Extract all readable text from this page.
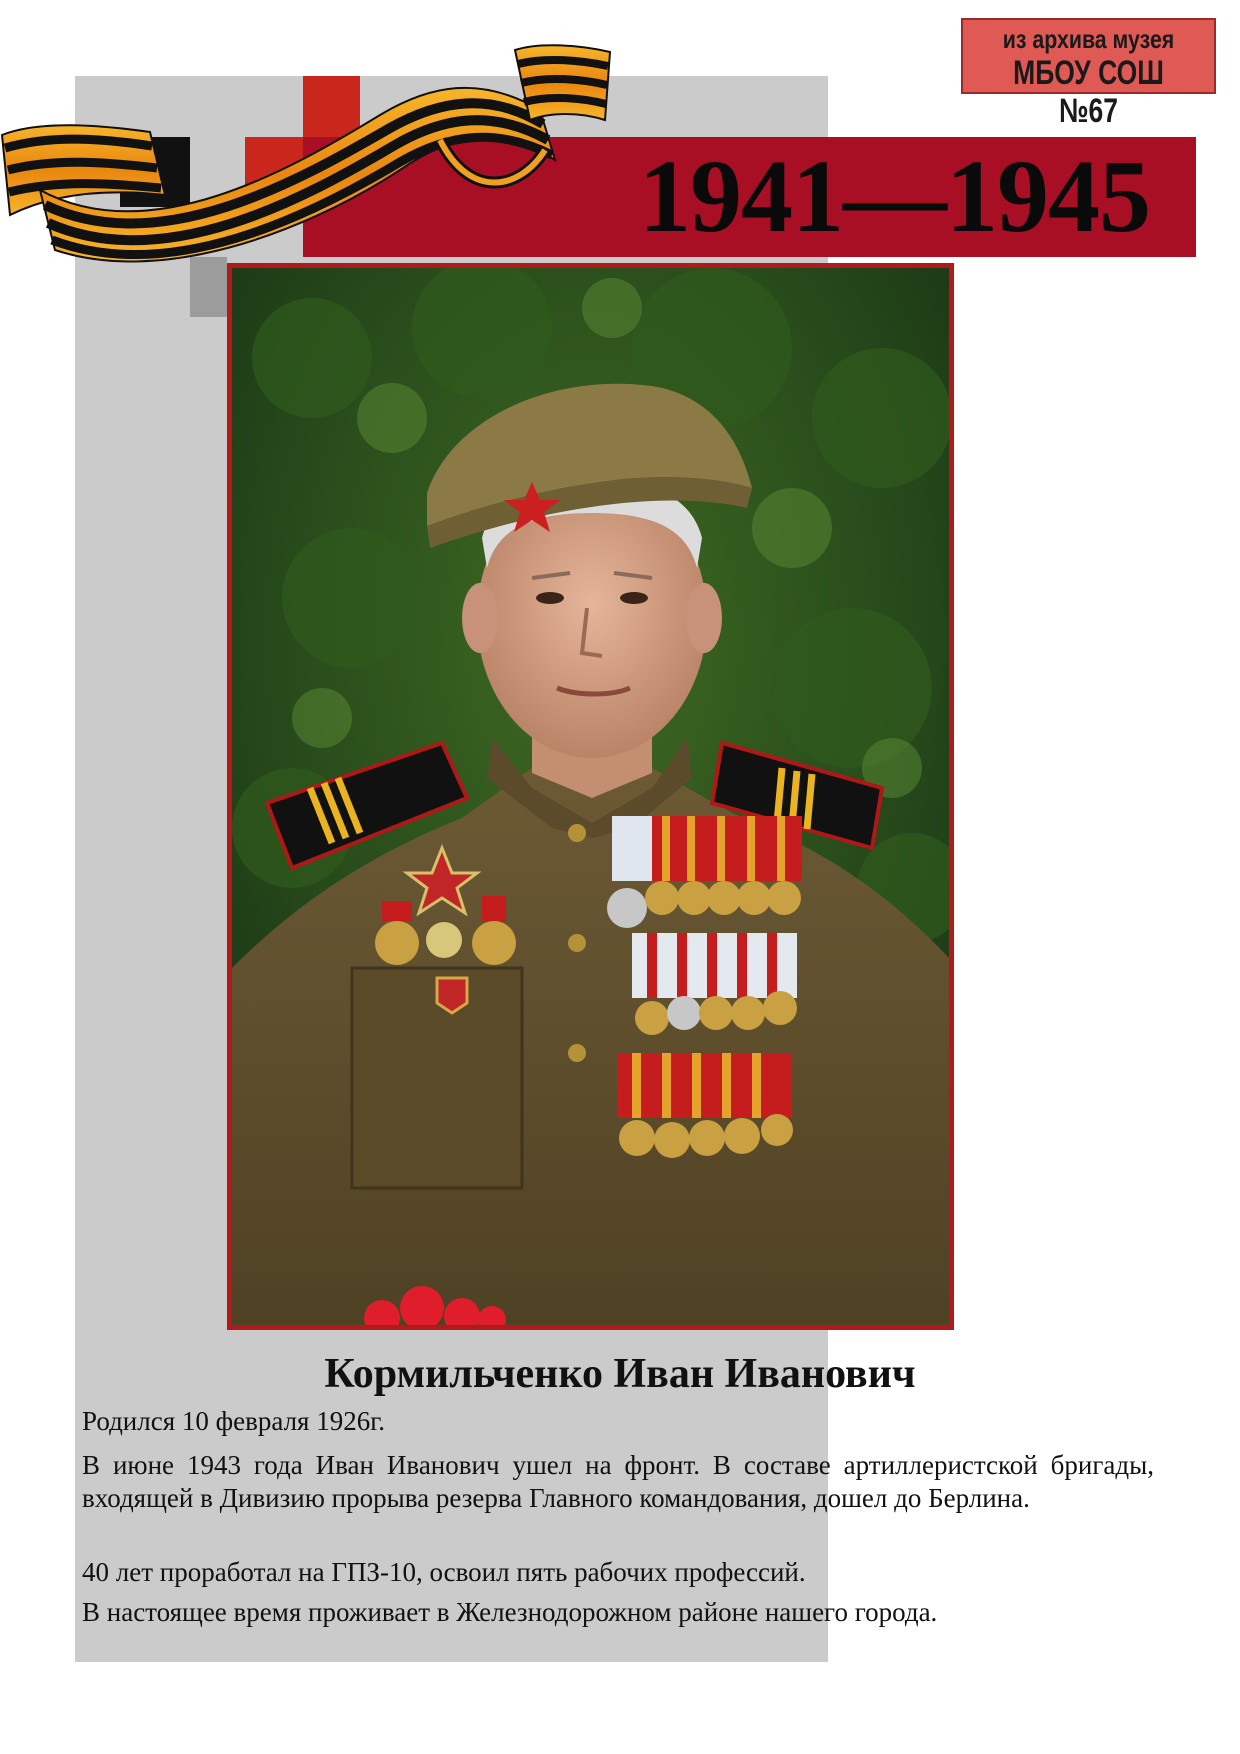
1941—1945
из архива музея
МБОУ СОШ №67
Кормильченко Иван Иванович
Родился 10 февраля 1926г.
В июне 1943 года Иван Иванович ушел на фронт. В составе артиллеристской бригады, входящей в Дивизию прорыва резерва Главного командования, дошел до Берлина.
40 лет проработал на ГПЗ-10, освоил пять рабочих профессий.
В настоящее время проживает в Железнодорожном районе нашего города.
